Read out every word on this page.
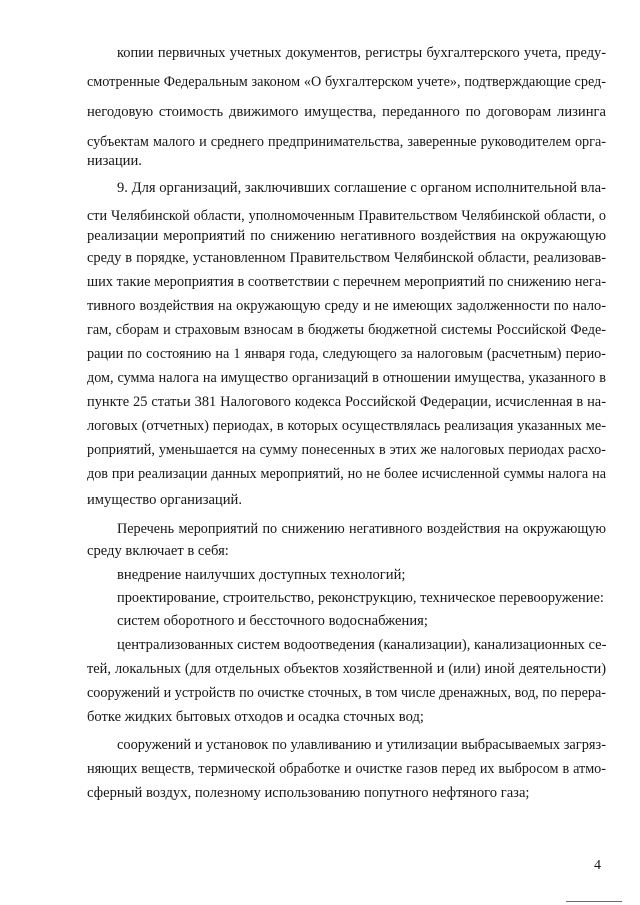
копии первичных учетных документов, регистры бухгалтерского учета, преду-
смотренные Федеральным законом «О бухгалтерском учете», подтверждающие сред-
негодовую стоимость движимого имущества, переданного по договорам лизинга
субъектам малого и среднего предпринимательства, заверенные руководителем орга-
низации.
9. Для организаций, заключивших соглашение с органом исполнительной вла-
сти Челябинской области, уполномоченным Правительством Челябинской области, о
реализации мероприятий по снижению негативного воздействия на окружающую
среду в порядке, установленном Правительством Челябинской области, реализовав-
ших такие мероприятия в соответствии с перечнем мероприятий по снижению нега-
тивного воздействия на окружающую среду и не имеющих задолженности по нало-
гам, сборам и страховым взносам в бюджеты бюджетной системы Российской Феде-
рации по состоянию на 1 января года, следующего за налоговым (расчетным) перио-
дом, сумма налога на имущество организаций в отношении имущества, указанного в
пункте 25 статьи 381 Налогового кодекса Российской Федерации, исчисленная в на-
логовых (отчетных) периодах, в которых осуществлялась реализация указанных ме-
роприятий, уменьшается на сумму понесенных в этих же налоговых периодах расхо-
дов при реализации данных мероприятий, но не более исчисленной суммы налога на
имущество организаций.
Перечень мероприятий по снижению негативного воздействия на окружающую
среду включает в себя:
внедрение наилучших доступных технологий;
проектирование, строительство, реконструкцию, техническое перевооружение:
систем оборотного и бессточного водоснабжения;
централизованных систем водоотведения (канализации), канализационных се-
тей, локальных (для отдельных объектов хозяйственной и (или) иной деятельности)
сооружений и устройств по очистке сточных, в том числе дренажных, вод, по перера-
ботке жидких бытовых отходов и осадка сточных вод;
сооружений и установок по улавливанию и утилизации выбрасываемых загряз-
няющих веществ, термической обработке и очистке газов перед их выбросом в атмо-
сферный воздух, полезному использованию попутного нефтяного газа;
4
